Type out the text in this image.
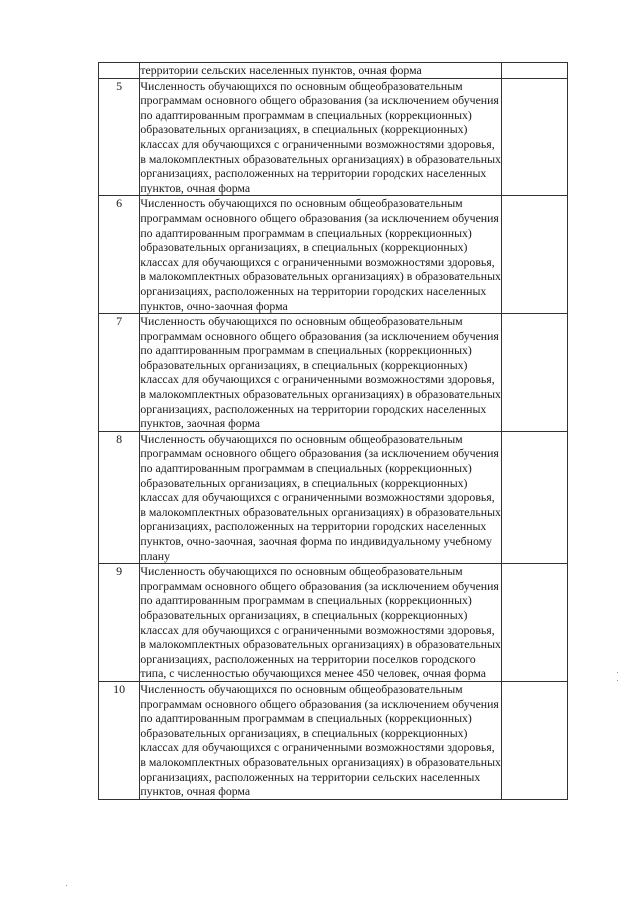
	территории сельских населенных пунктов, очная форма	
5	Численность обучающихся по основным общеобразовательным программам основного общего образования (за исключением обучения по адаптированным программам в специальных (коррекционных) образовательных организациях, в специальных (коррекционных) классах для обучающихся с ограниченными возможностями здоровья, в малокомплектных образовательных организациях) в образовательных организациях, расположенных на территории городских населенных пунктов, очная форма	
6	Численность обучающихся по основным общеобразовательным программам основного общего образования (за исключением обучения по адаптированным программам в специальных (коррекционных) образовательных организациях, в специальных (коррекционных) классах для обучающихся с ограниченными возможностями здоровья, в малокомплектных образовательных организациях) в образовательных организациях, расположенных на территории городских населенных пунктов, очно-заочная форма	
7	Численность обучающихся по основным общеобразовательным программам основного общего образования (за исключением обучения по адаптированным программам в специальных (коррекционных) образовательных организациях, в специальных (коррекционных) классах для обучающихся с ограниченными возможностями здоровья, в малокомплектных образовательных организациях) в образовательных организациях, расположенных на территории городских населенных пунктов, заочная форма	
8	Численность обучающихся по основным общеобразовательным программам основного общего образования (за исключением обучения по адаптированным программам в специальных (коррекционных) образовательных организациях, в специальных (коррекционных) классах для обучающихся с ограниченными возможностями здоровья, в малокомплектных образовательных организациях) в образовательных организациях, расположенных на территории городских населенных пунктов, очно-заочная, заочная форма по индивидуальному учебному плану	
9	Численность обучающихся по основным общеобразовательным программам основного общего образования (за исключением обучения по адаптированным программам в специальных (коррекционных) образовательных организациях, в специальных (коррекционных) классах для обучающихся с ограниченными возможностями здоровья, в малокомплектных образовательных организациях) в образовательных организациях, расположенных на территории поселков городского типа, с численностью обучающихся менее 450 человек, очная форма	
10	Численность обучающихся по основным общеобразовательным программам основного общего образования (за исключением обучения по адаптированным программам в специальных (коррекционных) образовательных организациях, в специальных (коррекционных) классах для обучающихся с ограниченными возможностями здоровья, в малокомплектных образовательных организациях) в образовательных организациях, расположенных на территории сельских населенных пунктов, очная форма	
